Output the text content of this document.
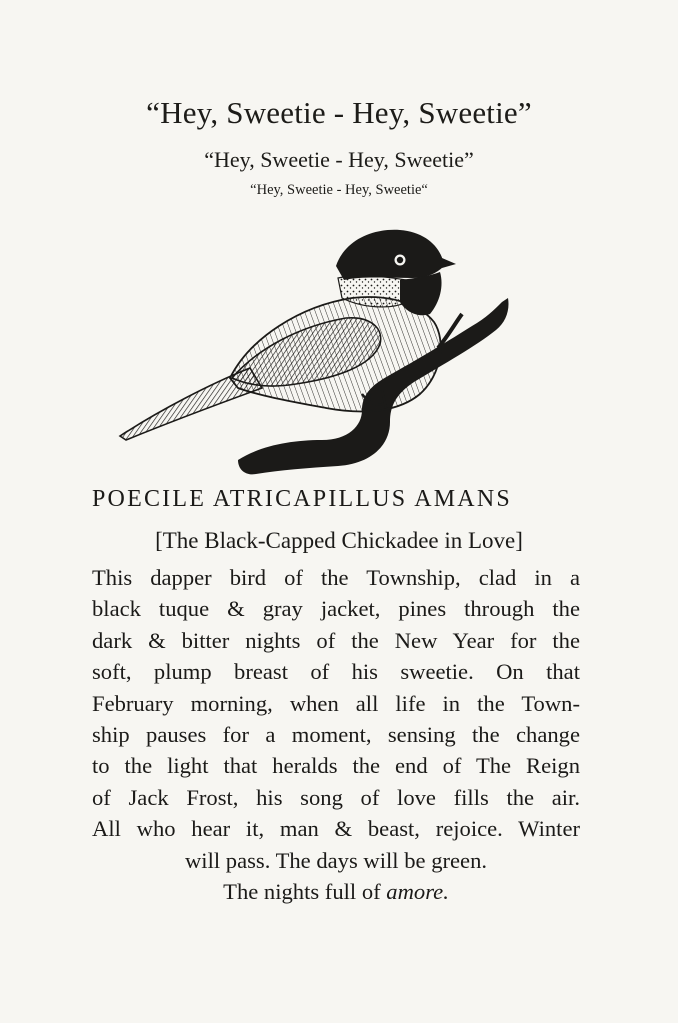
“Hey, Sweetie - Hey, Sweetie”
“Hey, Sweetie - Hey, Sweetie”
“Hey, Sweetie - Hey, Sweetie“
POECILE ATRICAPILLUS AMANS
[The Black-Capped Chickadee in Love]
This dapper bird of the Township, clad in a
black tuque & gray jacket, pines through the
dark & bitter nights of the New Year for the
soft, plump breast of his sweetie. On that
February morning, when all life in the Town-
ship pauses for a moment, sensing the change
to the light that heralds the end of The Reign
of Jack Frost, his song of love fills the air.
All who hear it, man & beast, rejoice. Winter
will pass. The days will be green.
The nights full of amore.
